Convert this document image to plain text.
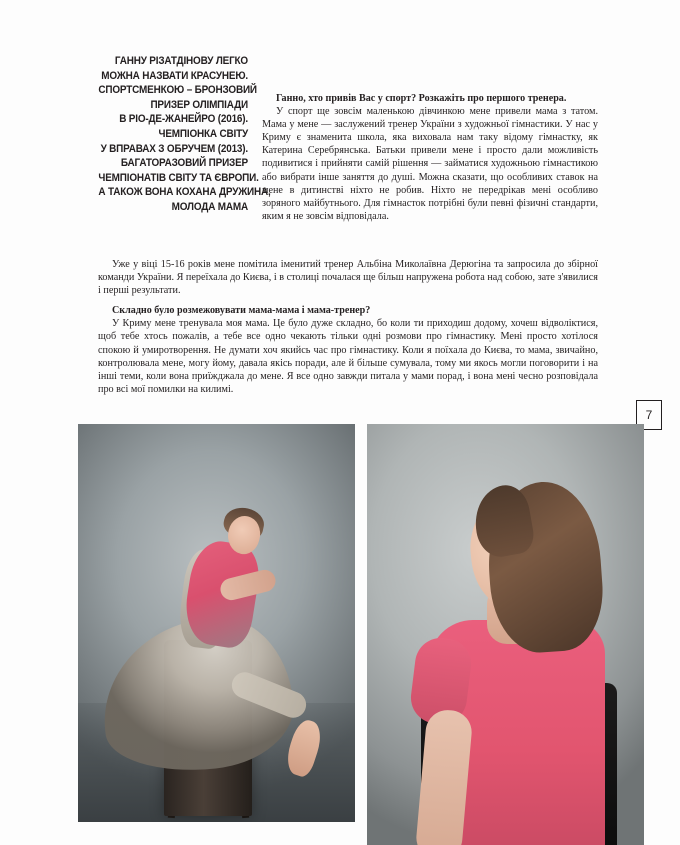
ГАННУ РІЗАТДІНОВУ ЛЕГКО
МОЖНА НАЗВАТИ КРАСУНЕЮ.
СПОРТСМЕНКОЮ – БРОНЗОВИЙ
ПРИЗЕР ОЛІМПІАДИ
В РІО-ДЕ-ЖАНЕЙРО (2016).
ЧЕМПІОНКА СВІТУ
У ВПРАВАХ З ОБРУЧЕМ (2013).
БАГАТОРАЗОВИЙ ПРИЗЕР
ЧЕМПІОНАТІВ СВІТУ ТА ЄВРОПИ.
А ТАКОЖ ВОНА КОХАНА ДРУЖИНА,
МОЛОДА МАМА

Ганно, хто привів Вас у спорт? Розкажіть про першого тренера.

У спорт ще зовсім маленькою дівчинкою мене привели мама з татом. Мама у мене — заслужений тренер України з художньої гімнастики. У нас у Криму є знаменита школа, яка виховала нам таку відому гімнастку, як Катерина Серебрянська. Батьки привели мене і просто дали можливість подивитися і прийняти самій рішення — займатися художньою гімнастикою або вибрати інше заняття до душі. Можна сказати, що особливих ставок на мене в дитинстві ніхто не робив. Ніхто не передрікав мені особливо зоряного майбутнього. Для гімнасток потрібні були певні фізичні стандарти, яким я не зовсім відповідала.

Уже у віці 15-16 років мене помітила іменитий тренер Альбіна Миколаївна Дерюгіна та запросила до збірної команди України. Я переїхала до Києва, і в столиці почалася ще більш напружена робота над собою, зате з'явилися і перші результати.

Складно було розмежовувати мама-мама і мама-тренер?

У Криму мене тренувала моя мама. Це було дуже складно, бо коли ти приходиш додому, хочеш відволіктися, щоб тебе хтось пожалів, а тебе все одно чекають тільки одні розмови про гімнастику. Мені просто хотілося спокою й умиротворення. Не думати хоч якийсь час про гімнастику. Коли я поїхала до Києва, то мама, звичайно, контролювала мене, могу йому, давала якісь поради, але й більше сумувала, тому ми якось могли поговорити і на інші теми, коли вона приїжджала до мене. Я все одно завжди питала у мами порад, і вона мені чесно розповідала про всі мої помилки на килимі.

7
